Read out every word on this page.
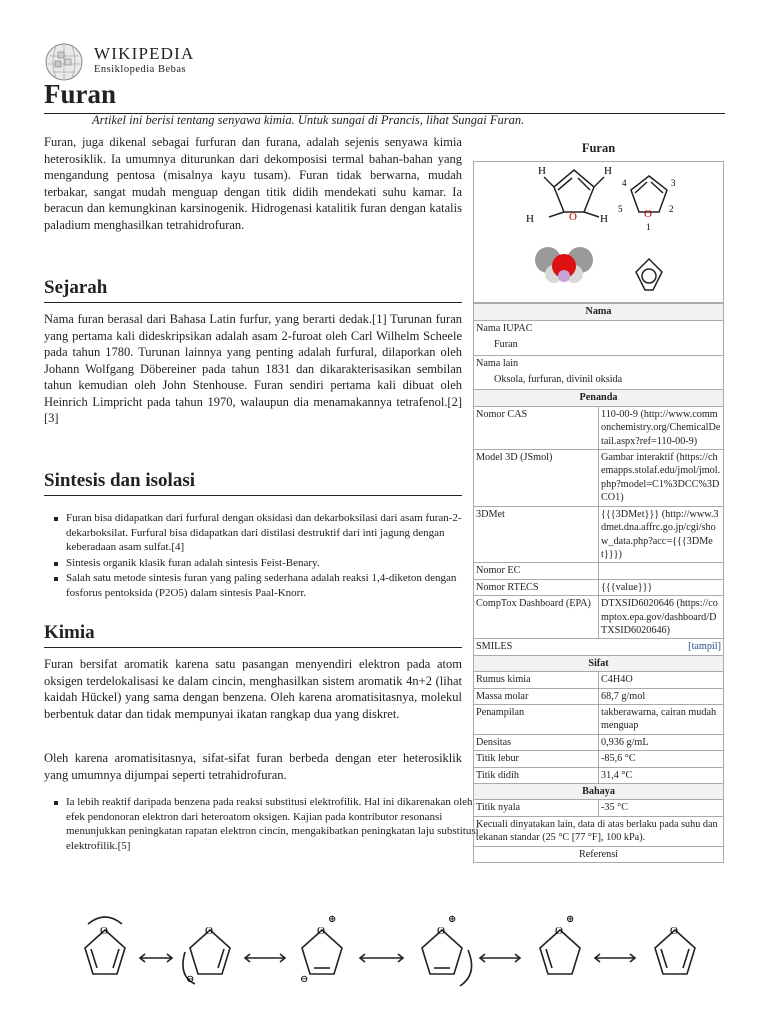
WIKIPEDIA
Ensiklopedia Bebas
Furan
Artikel ini berisi tentang senyawa kimia. Untuk sungai di Prancis, lihat Sungai Furan.

Furan, juga dikenal sebagai furfuran dan furana, adalah sejenis senyawa kimia heterosiklik. Ia umumnya diturunkan dari dekomposisi termal bahan-bahan yang mengandung pentosa (misalnya kayu tusam). Furan tidak berwarna, mudah terbakar, sangat mudah menguap dengan titik didih mendekati suhu kamar. Ia beracun dan kemungkinan karsinogenik. Hidrogenasi katalitik furan dengan katalis paladium menghasilkan tetrahidrofuran.

Sejarah

Nama furan berasal dari Bahasa Latin furfur, yang berarti dedak.[1] Turunan furan yang pertama kali dideskripsikan adalah asam 2-furoat oleh Carl Wilhelm Scheele pada tahun 1780. Turunan lainnya yang penting adalah furfural, dilaporkan oleh Johann Wolfgang Döbereiner pada tahun 1831 dan dikarakterisasikan sembilan tahun kemudian oleh John Stenhouse. Furan sendiri pertama kali dibuat oleh Heinrich Limpricht pada tahun 1970, walaupun dia menamakannya tetrafenol.[2][3]

Sintesis dan isolasi
Furan bisa didapatkan dari furfural dengan oksidasi dan dekarboksilasi dari asam furan-2-dekarboksilat. Furfural bisa didapatkan dari distilasi destruktif dari inti jagung dengan keberadaan asam sulfat.[4]
Sintesis organik klasik furan adalah sintesis Feist-Benary.
Salah satu metode sintesis furan yang paling sederhana adalah reaksi 1,4-diketon dengan fosforus pentoksida (P2O5) dalam sintesis Paal-Knorr.
Kimia

Furan bersifat aromatik karena satu pasangan menyendiri elektron pada atom oksigen terdelokalisasi ke dalam cincin, menghasilkan sistem aromatik 4n+2 (lihat kaidah Hückel) yang sama dengan benzena. Oleh karena aromatisitasnya, molekul berbentuk datar dan tidak mempunyai ikatan rangkap dua yang diskret.

Oleh karena aromatisitasnya, sifat-sifat furan berbeda dengan eter heterosiklik yang umumnya dijumpai seperti tetrahidrofuran.

Ia lebih reaktif daripada benzena pada reaksi substitusi elektrofilik. Hal ini dikarenakan oleh efek pendonoran elektron dari heteroatom oksigen. Kajian pada kontributor resonansi menunjukkan peningkatan rapatan elektron cincin, mengakibatkan peningkatan laju substitusi elektrofilik.[5]
Furan
H	H
H	H
O	O
1
2
3
4
5
Nama	

Nama IUPAC
Furan	

Nama lain
Oksola, furfuran, divinil oksida	

Penanda	
Nomor CAS	110-00-9 (http://www.commonchemistry.org/ChemicalDetail.aspx?ref=110-00-9)
Model 3D (JSmol)	Gambar interaktif (https://chemapps.stolaf.edu/jmol/jmol.php?model=C1%3DCC%3DCO1)
3DMet	{{{3DMet}}} (http://www.3dmet.dna.affrc.go.jp/cgi/show_data.php?acc={{{3DMet}}})
Nomor EC	
Nomor RTECS	{{{value}}}
CompTox Dashboard (EPA)	DTXSID6020646 (https://comptox.epa.gov/dashboard/DTXSID6020646)
SMILES [tampil]	

Sifat	
Rumus kimia	C4H4O
Massa molar	68,7 g/mol
Penampilan	takberawarna, cairan mudah menguap
Densitas	0,936 g/mL
Titik lebur	-85,6 °C
Titik didih	31,4 °C
Bahaya	
Titik nyala	-35 °C
Kecuali dinyatakan lain, data di atas berlaku pada suhu dan tekanan standar (25 °C [77 °F], 100 kPa).	
Referensi	
O	O	O	O	O	O
⊕	⊕	⊕
⊖	⊖
